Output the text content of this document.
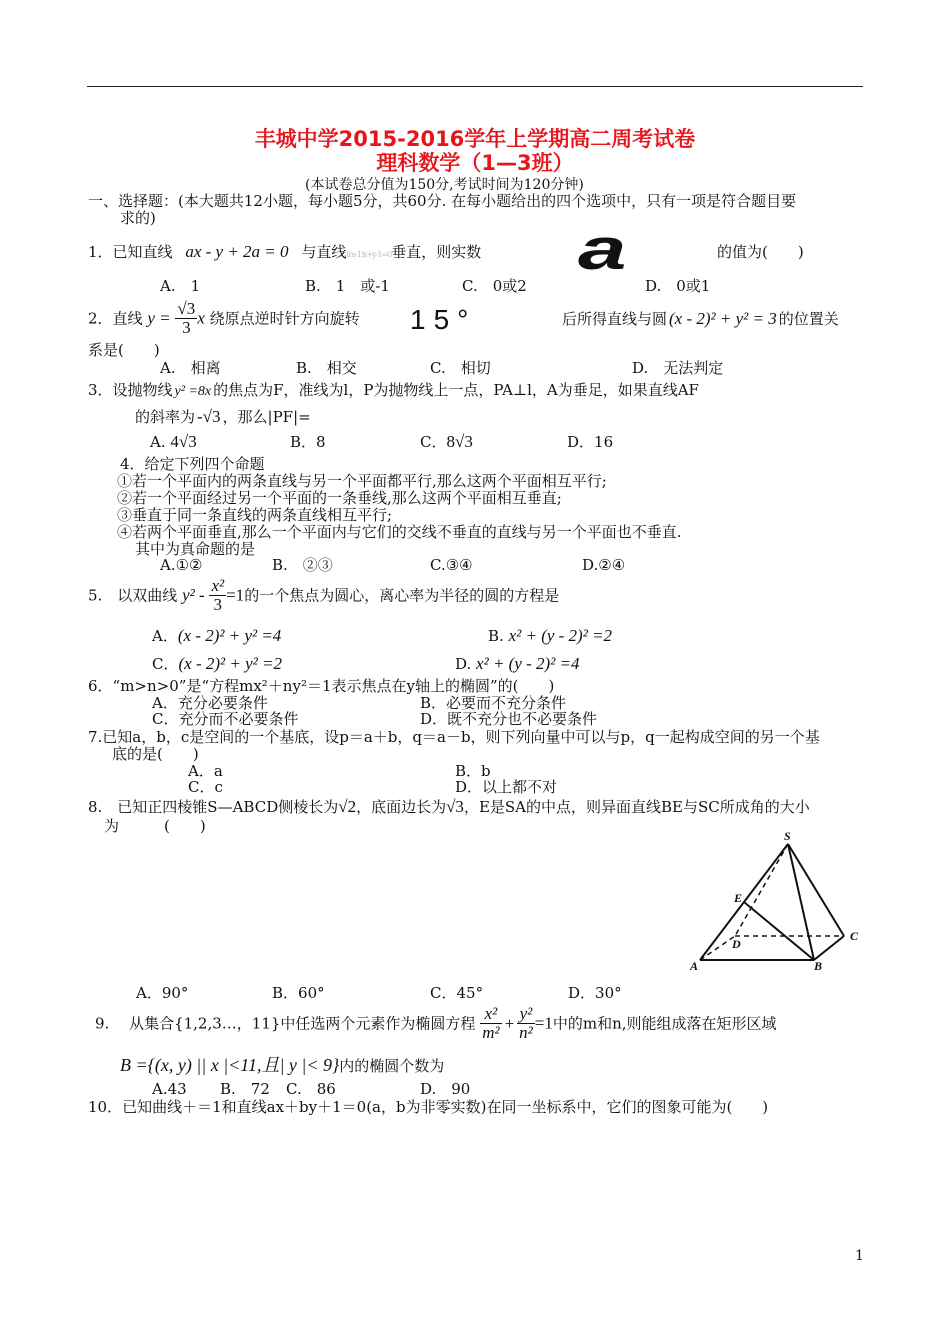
丰城中学2015-2016学年上学期高二周考试卷
理科数学（1—3班）
(本试卷总分值为150分,考试时间为120分钟)
一、选择题：(本大题共12小题，每小题5分，共60分. 在每小题给出的四个选项中，只有一项是符合题目要
求的)
1．已知直线 ax - y + 2a = 0 与直线(m-1)x+y-1=0垂直，则实数 a	的值为(　　)
A.　1	B.　1　或-1	C.　0或2	D.　0或1
2．直线 $y = \frac{√3}{3}$ x 绕原点逆时针方向旋转 15°	后所得直线与圆 (x - 2)² + y² = 3 的位置关
系是(　　)
A.　相离	B.　相交	C.　相切	D.　无法判定
3．设抛物线 y² =8x 的焦点为F，准线为l，P为抛物线上一点，PA⊥l，A为垂足，如果直线AF
的斜率为 -√3 ，那么|PF|=
A. 4√3	B．8	C．8√3	D．16
4．给定下列四个命题
①若一个平面内的两条直线与另一个平面都平行,那么这两个平面相互平行;
②若一个平面经过另一个平面的一条垂线,那么这两个平面相互垂直;
③垂直于同一条直线的两条直线相互平行;
④若两个平面垂直,那么一个平面内与它们的交线不垂直的直线与另一个平面也不垂直.
其中为真命题的是
A.①②	B.　②③	C.③④	D.②④
5.　以双曲线 $y^2 - \frac{\text{x²}}{3} =1$的一个焦点为圆心，离心率为半径的圆的方程是
A．(x - 2)² + y² =4	B. x² + (y - 2)² =2
C．(x - 2)² + y² =2	D. x² + (y - 2)² =4
6．“m>n>0”是“方程mx²＋ny²＝1表示焦点在y轴上的椭圆”的(　　)
A．充分必要条件	B．必要而不充分条件
C．充分而不必要条件	D．既不充分也不必要条件
7.已知a，b，c是空间的一个基底，设p＝a＋b，q＝a－b，则下列向量中可以与p，q一起构成空间的另一个基
底的是(　　)
A．a	B．b
C．c	D．以上都不对
8.　已知正四棱锥S—ABCD侧棱长为√2，底面边长为√3，E是SA的中点，则异面直线BE与SC所成角的大小
为　　　(　　)
S
E
D
C
A	B
A．90°	B．60°	C．45°	D．30°
9.　 从集合{1,2,3…，11}中任选两个元素作为椭圆方程 $\frac{\text{x²}}{\text{m²}} + \frac{\text{y²}}{\text{n²}} =1$中的m和n,则能组成落在矩形区域
B ={(x, y) || x |<11,且| y |< 9}内的椭圆个数为
A.43 B.　72 C.　86	D.　90
10．已知曲线＋＝1和直线ax＋by＋1＝0(a，b为非零实数)在同一坐标系中，它们的图象可能为(　　)
1
